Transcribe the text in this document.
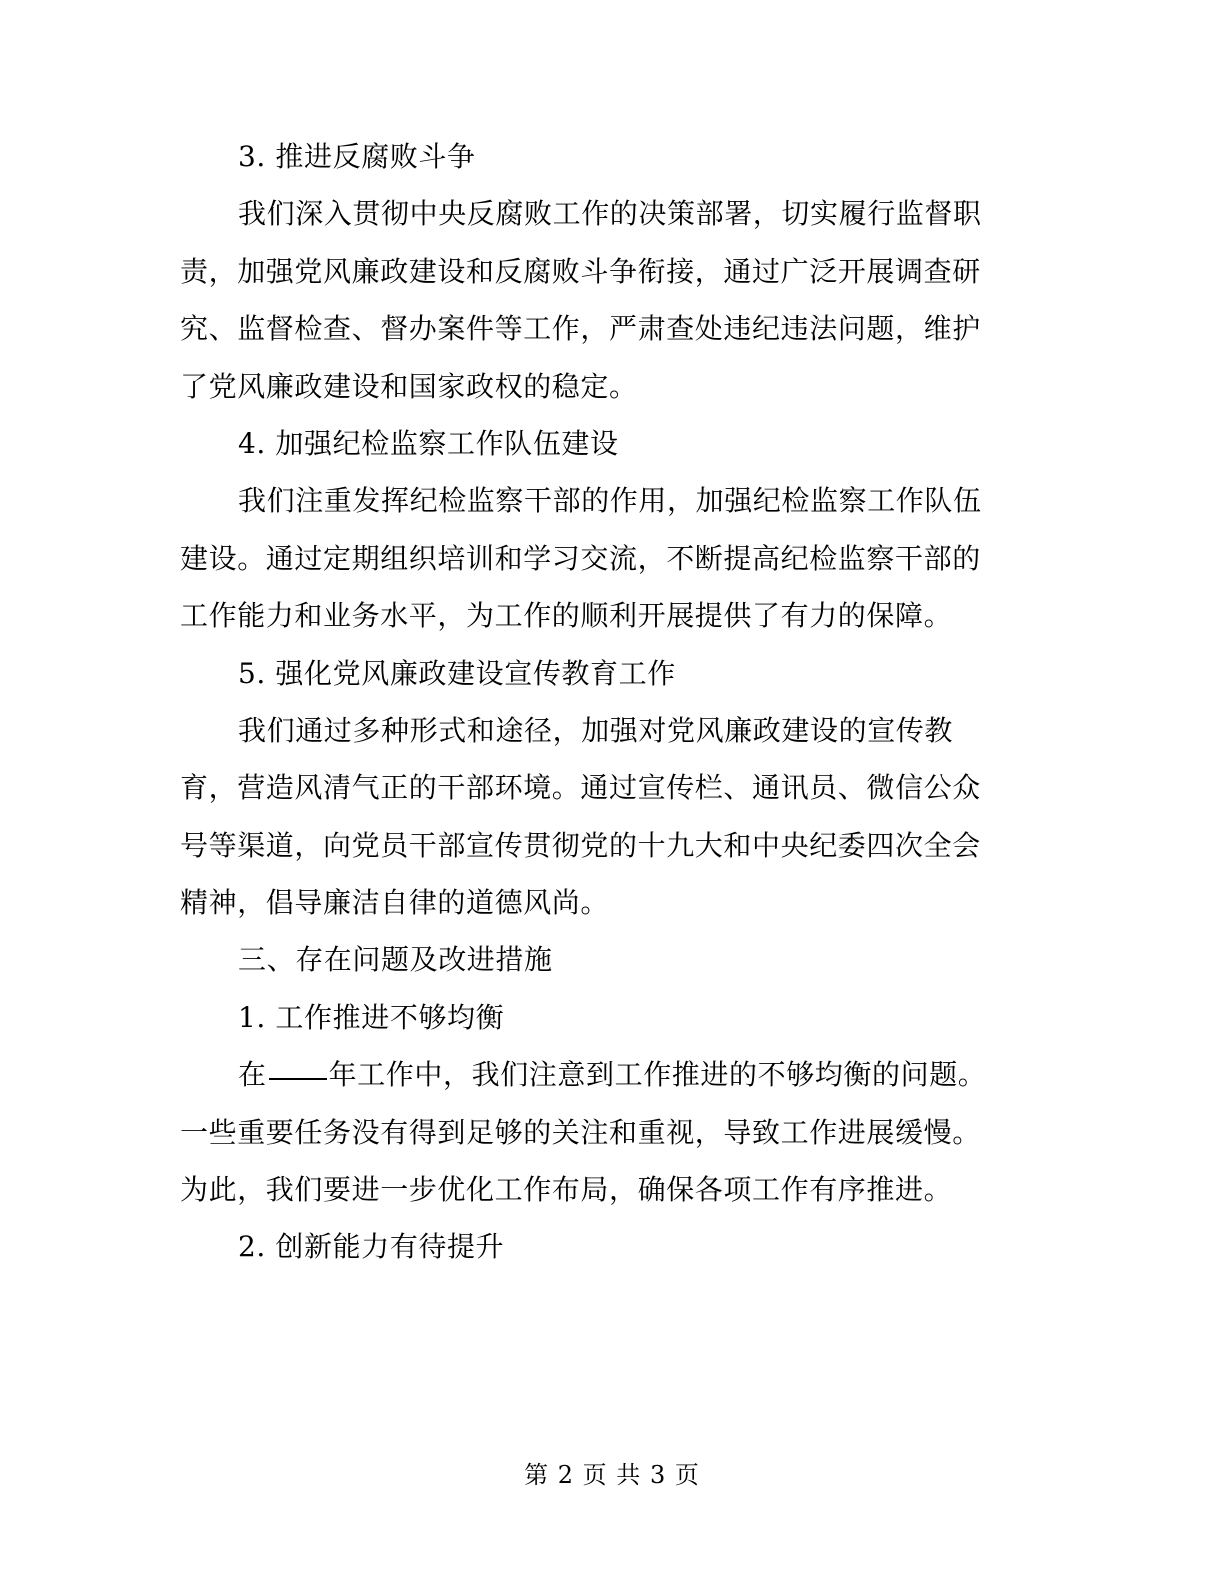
3. 推进反腐败斗争
我们深入贯彻中央反腐败工作的决策部署，切实履行监督职
责，加强党风廉政建设和反腐败斗争衔接，通过广泛开展调查研
究、监督检查、督办案件等工作，严肃查处违纪违法问题，维护
了党风廉政建设和国家政权的稳定。
4. 加强纪检监察工作队伍建设
我们注重发挥纪检监察干部的作用，加强纪检监察工作队伍
建设。通过定期组织培训和学习交流，不断提高纪检监察干部的
工作能力和业务水平，为工作的顺利开展提供了有力的保障。
5. 强化党风廉政建设宣传教育工作
我们通过多种形式和途径，加强对党风廉政建设的宣传教
育，营造风清气正的干部环境。通过宣传栏、通讯员、微信公众
号等渠道，向党员干部宣传贯彻党的十九大和中央纪委四次全会
精神，倡导廉洁自律的道德风尚。
三、存在问题及改进措施
1. 工作推进不够均衡
在 年工作中，我们注意到工作推进的不够均衡的问题。
一些重要任务没有得到足够的关注和重视，导致工作进展缓慢。
为此，我们要进一步优化工作布局，确保各项工作有序推进。
2. 创新能力有待提升
第 2 页 共 3 页
